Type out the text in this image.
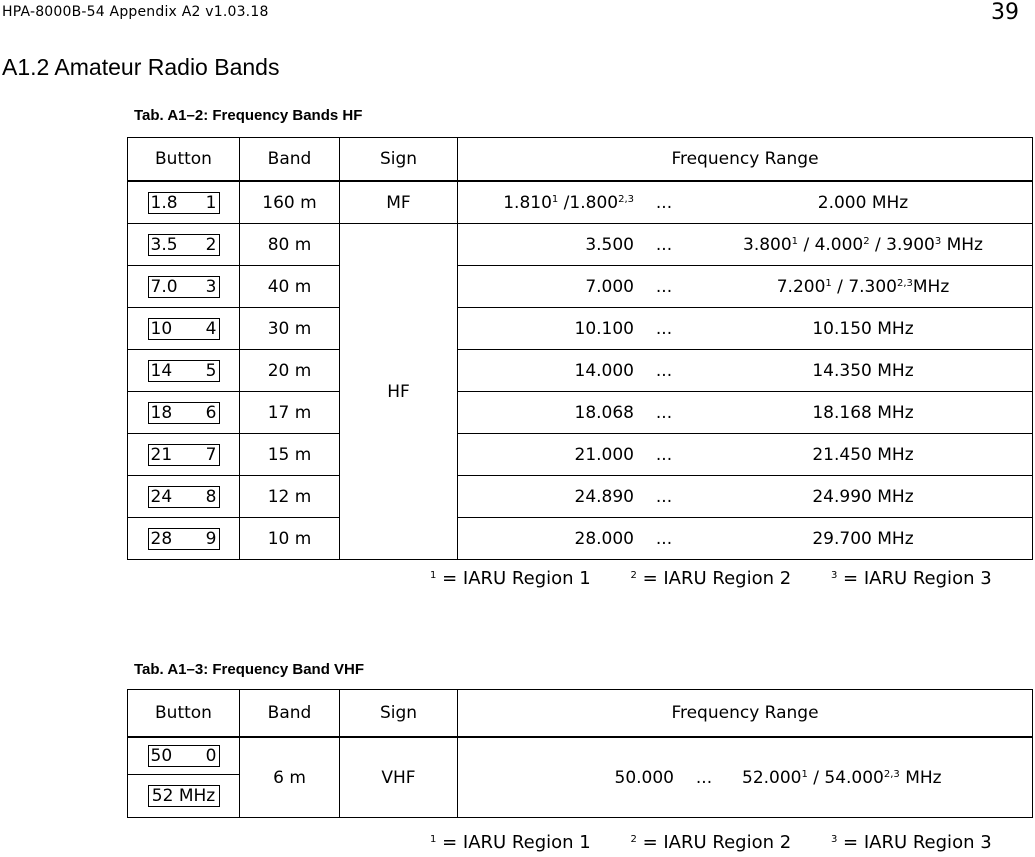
HPA-8000B-54 Appendix A2 v1.03.18	39
A1.2 Amateur Radio Bands
Tab. A1–2: Frequency Bands HF
Button	Band	Sign	Frequency Range

1.8 1	160 m	MF	1.810$^1$ /1.800$^{2,3}$ ... 2.000 MHz

3.5 2	80 m	HF	3.500 ... 3.800$^1$ / 4.000$^2$ / 3.900$^3$ MHz

7.0 3	40 m		7.000 ... 7.200$^1$ / 7.300$^{2,3}$MHz

10 4	30 m		10.100 ... 10.150 MHz

14 5	20 m		14.000 ... 14.350 MHz

18 6	17 m		18.068 ... 18.168 MHz

21 7	15 m		21.000 ... 21.450 MHz

24 8	12 m		24.890 ... 24.990 MHz

28 9	10 m		28.000 ... 29.700 MHz
$^1$ = IARU Region 1	$^2$ = IARU Region 2	$^3$ = IARU Region 3
Tab. A1–3: Frequency Band VHF
Button	Band	Sign	Frequency Range

50 0	6 m	VHF	50.000 ... 52.000$^1$ / 54.000$^{2,3}$ MHz

52 MHz			
$^1$ = IARU Region 1	$^2$ = IARU Region 2	$^3$ = IARU Region 3
